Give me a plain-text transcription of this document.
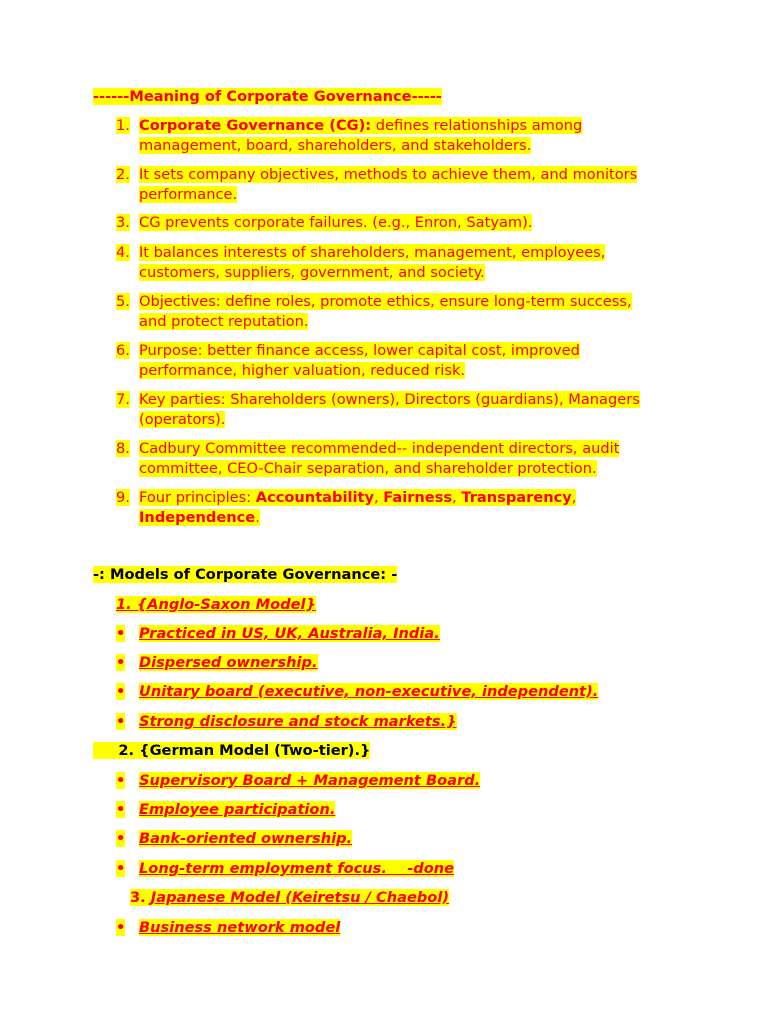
------Meaning of Corporate Governance-----
1. Corporate Governance (CG): defines relationships among
management, board, shareholders, and stakeholders.
2. It sets company objectives, methods to achieve them, and monitors
performance.
3. CG prevents corporate failures. (e.g., Enron, Satyam).
4. It balances interests of shareholders, management, employees,
customers, suppliers, government, and society.
5. Objectives: define roles, promote ethics, ensure long-term success,
and protect reputation.
6. Purpose: better finance access, lower capital cost, improved
performance, higher valuation, reduced risk.
7. Key parties: Shareholders (owners), Directors (guardians), Managers
(operators).
8. Cadbury Committee recommended-- independent directors, audit
committee, CEO-Chair separation, and shareholder protection.
9. Four principles: Accountability, Fairness, Transparency,
Independence.
-: Models of Corporate Governance: -
1. {Anglo-Saxon Model}
• Practiced in US, UK, Australia, India.
• Dispersed ownership.
• Unitary board (executive, non-executive, independent).
• Strong disclosure and stock markets.}
2. {German Model (Two-tier).}
• Supervisory Board + Management Board.
• Employee participation.
• Bank-oriented ownership.
• Long-term employment focus.    -done
3. Japanese Model (Keiretsu / Chaebol)
• Business network model
